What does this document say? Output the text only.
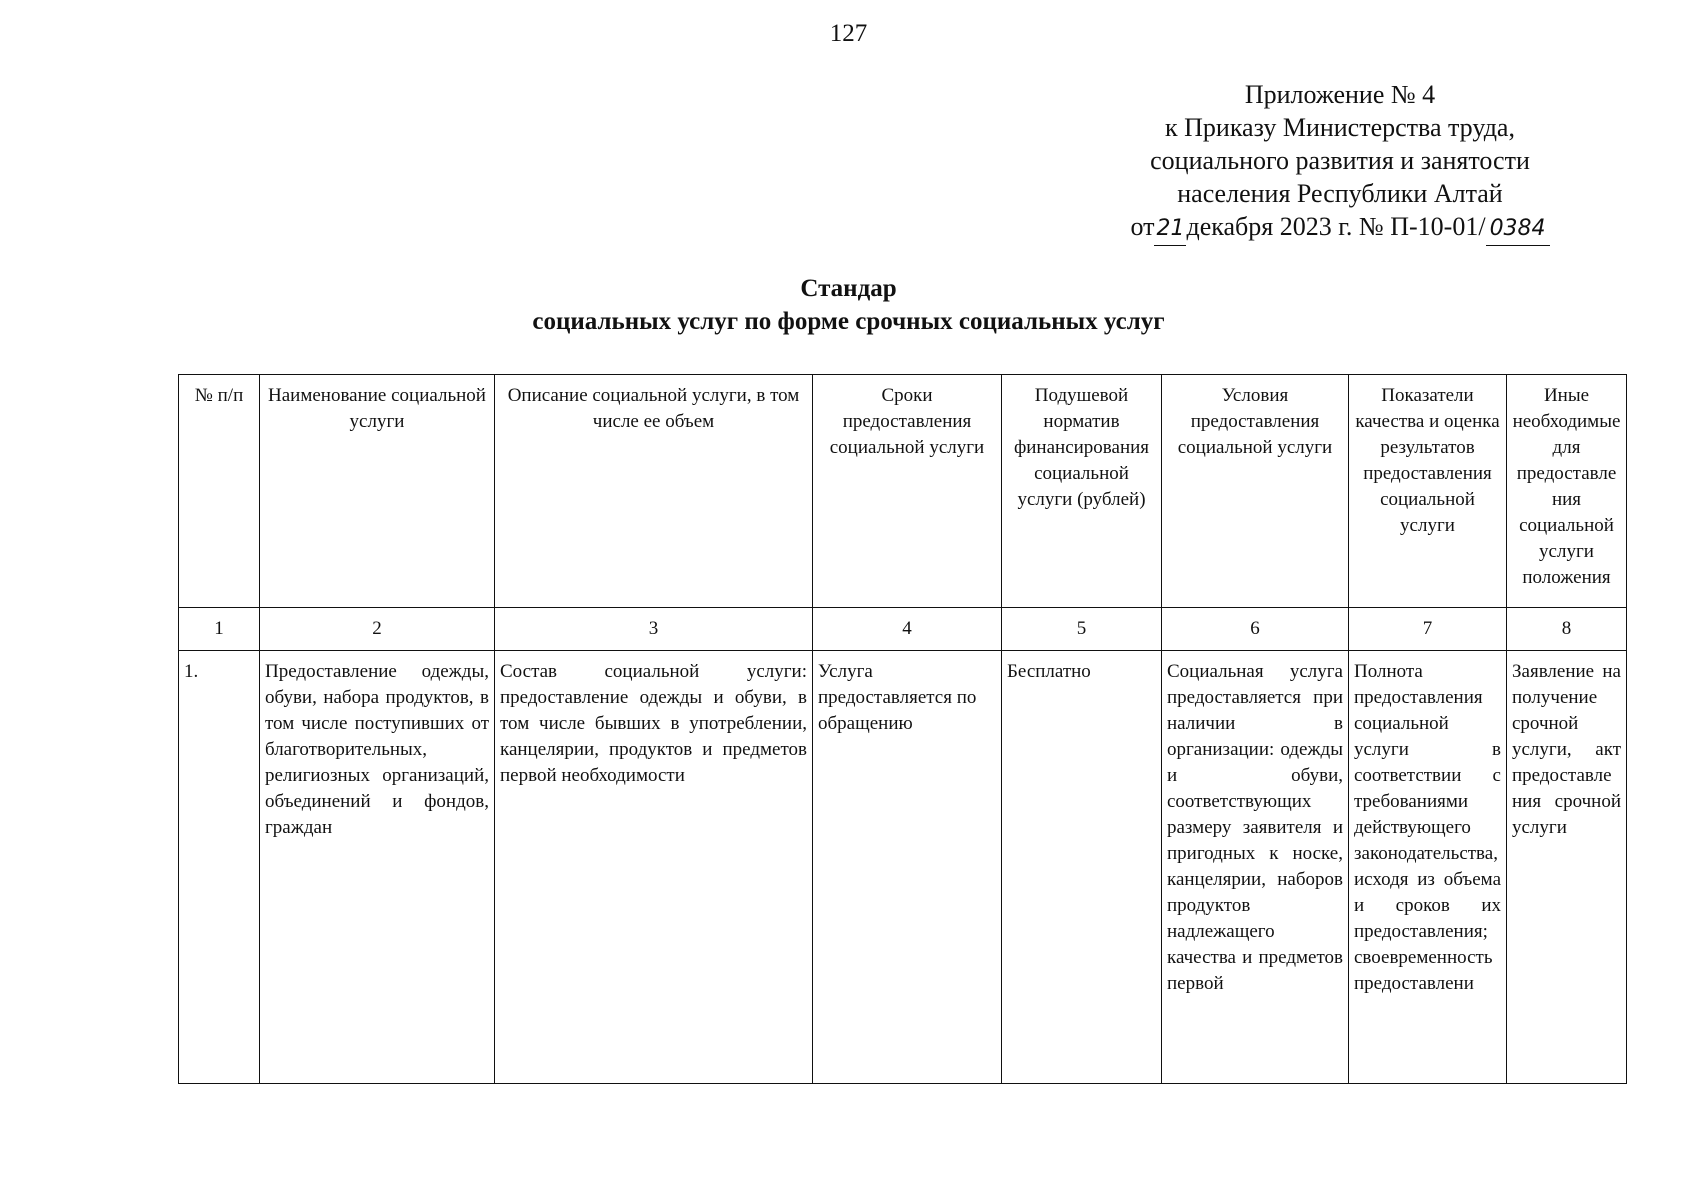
127
Приложение № 4
к Приказу Министерства труда,
социального развития и занятости
населения Республики Алтай
от21декабря 2023 г. № П-10-01/ 0384
Стандар
социальных услуг по форме срочных социальных услуг
№ п/п	Наименование социальной услуги	Описание социальной услуги, в том числе ее объем	Сроки предоставления социальной услуги	Подушевой норматив финансирования социальной услуги (рублей)	Условия предоставления социальной услуги	Показатели качества и оценка результатов предоставления социальной услуги	Иные необходимые для предоставления социальной услуги положения
1	2	3	4	5	6	7	8
1.	Предоставление одежды, обуви, набора продуктов, в том числе поступивших от благотворительных, религиозных организаций, объединений и фондов, граждан	Состав социальной услуги: предоставление одежды и обуви, в том числе бывших в употреблении, канцелярии, продуктов и предметов первой необходимости	Услуга предоставляется по обращению	Бесплатно	Социальная услуга предоставляется при наличии в организации: одежды и обуви, соответствующих размеру заявителя и пригодных к носке, канцелярии, наборов продуктов надлежащего качества и предметов первой	Полнота предоставления социальной услуги в соответствии с требованиями действующего законодательства, исходя из объема и сроков их предоставления; своевременность предоставлени	Заявление на получение срочной услуги, акт предоставления срочной услуги
